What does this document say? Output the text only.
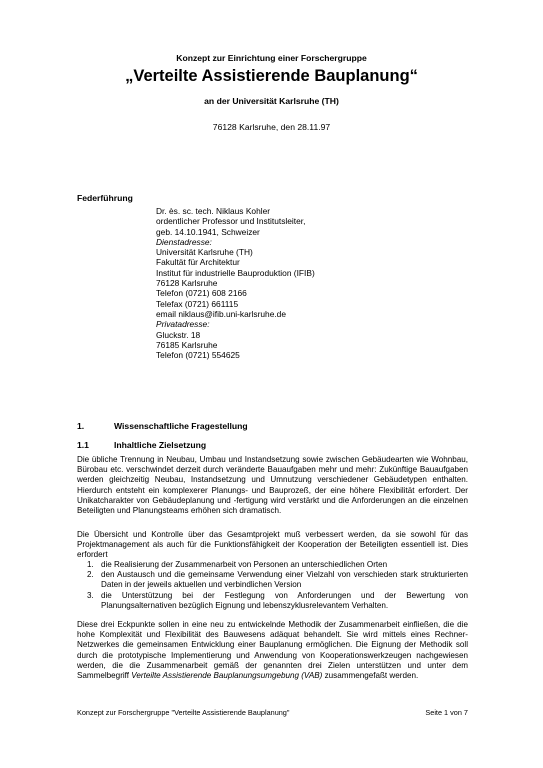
Konzept zur Einrichtung einer Forschergruppe
„Verteilte Assistierende Bauplanung“
an der Universität Karlsruhe (TH)
76128 Karlsruhe, den 28.11.97
Federführung
Dr. ès. sc. tech. Niklaus Kohler
ordentlicher Professor und Institutsleiter,
geb. 14.10.1941, Schweizer
Dienstadresse:
Universität Karlsruhe (TH)
Fakultät für Architektur
Institut für industrielle Bauproduktion (IFIB)
76128 Karlsruhe
Telefon (0721) 608 2166
Telefax (0721) 661115
email niklaus@ifib.uni-karlsruhe.de
Privatadresse:
Gluckstr. 18
76185 Karlsruhe
Telefon (0721) 554625
1.	Wissenschaftliche Fragestellung
1.1	Inhaltliche Zielsetzung
Die übliche Trennung in Neubau, Umbau und Instandsetzung sowie zwischen Gebäudearten wie Wohnbau, Bürobau etc. verschwindet derzeit durch veränderte Bauaufgaben mehr und mehr: Zukünftige Bauaufgaben werden gleichzeitig Neubau, Instandsetzung und Umnutzung verschiedener Gebäudetypen enthalten. Hierdurch entsteht ein komplexerer Planungs- und Bauprozeß, der eine höhere Flexibilität erfordert. Der Unikatcharakter von Gebäudeplanung und -fertigung wird verstärkt und die Anforderungen an die einzelnen Beteiligten und Planungsteams erhöhen sich dramatisch.
Die Übersicht und Kontrolle über das Gesamtprojekt muß verbessert werden, da sie sowohl für das Projektmanagement als auch für die Funktionsfähigkeit der Kooperation der Beteiligten essentiell ist. Dies erfordert
1. die Realisierung der Zusammenarbeit von Personen an unterschiedlichen Orten
2. den Austausch und die gemeinsame Verwendung einer Vielzahl von verschieden stark strukturierten Daten in der jeweils aktuellen und verbindlichen Version
3. die Unterstützung bei der Festlegung von Anforderungen und der Bewertung von Planungsalternativen bezüglich Eignung und lebenszyklusrelevantem Verhalten.
Diese drei Eckpunkte sollen in eine neu zu entwickelnde Methodik der Zusammenarbeit einfließen, die die hohe Komplexität und Flexibilität des Bauwesens adäquat behandelt. Sie wird mittels eines Rechner-Netzwerkes die gemeinsamen Entwicklung einer Bauplanung ermöglichen. Die Eignung der Methodik soll durch die prototypische Implementierung und Anwendung von Kooperationswerkzeugen nachgewiesen werden, die die Zusammenarbeit gemäß der genannten drei Zielen unterstützen und unter dem Sammelbegriff Verteilte Assistierende Bauplanungsumgebung (VAB) zusammengefaßt werden.
Konzept zur Forschergruppe "Verteilte Assistierende Bauplanung"	Seite 1 von 7
